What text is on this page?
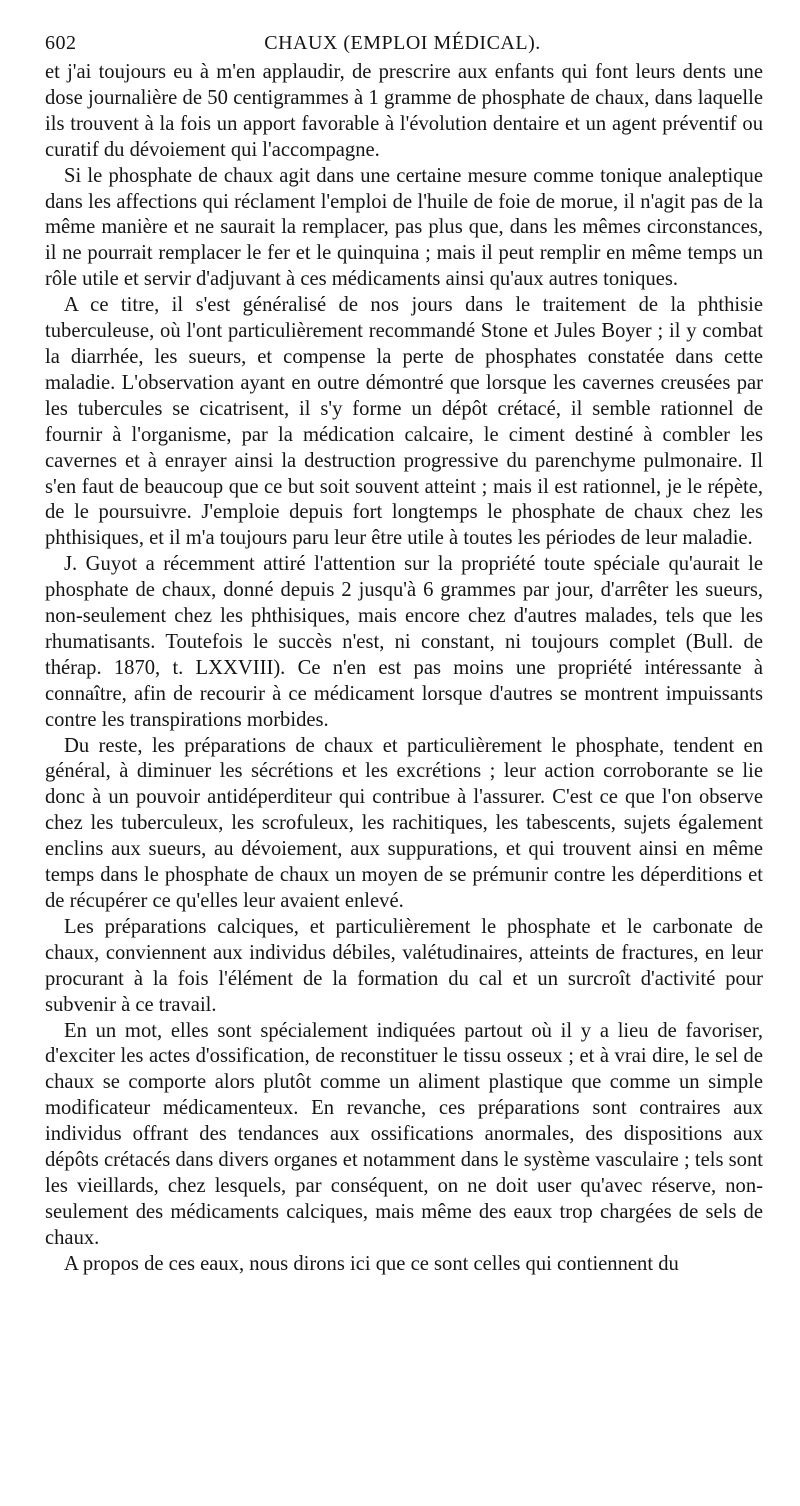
602	CHAUX (EMPLOI MÉDICAL).

et j'ai toujours eu à m'en applaudir, de prescrire aux enfants qui font leurs dents une dose journalière de 50 centigrammes à 1 gramme de phosphate de chaux, dans laquelle ils trouvent à la fois un apport favorable à l'évolution dentaire et un agent préventif ou curatif du dévoiement qui l'accompagne.

Si le phosphate de chaux agit dans une certaine mesure comme tonique analeptique dans les affections qui réclament l'emploi de l'huile de foie de morue, il n'agit pas de la même manière et ne saurait la remplacer, pas plus que, dans les mêmes circonstances, il ne pourrait remplacer le fer et le quinquina ; mais il peut remplir en même temps un rôle utile et servir d'adjuvant à ces médicaments ainsi qu'aux autres toniques.

A ce titre, il s'est généralisé de nos jours dans le traitement de la phthisie tuberculeuse, où l'ont particulièrement recommandé Stone et Jules Boyer ; il y combat la diarrhée, les sueurs, et compense la perte de phosphates constatée dans cette maladie. L'observation ayant en outre démontré que lorsque les cavernes creusées par les tubercules se cicatrisent, il s'y forme un dépôt crétacé, il semble rationnel de fournir à l'organisme, par la médication calcaire, le ciment destiné à combler les cavernes et à enrayer ainsi la destruction progressive du parenchyme pulmonaire. Il s'en faut de beaucoup que ce but soit souvent atteint ; mais il est rationnel, je le répète, de le poursuivre. J'emploie depuis fort longtemps le phosphate de chaux chez les phthisiques, et il m'a toujours paru leur être utile à toutes les périodes de leur maladie.

J. Guyot a récemment attiré l'attention sur la propriété toute spéciale qu'aurait le phosphate de chaux, donné depuis 2 jusqu'à 6 grammes par jour, d'arrêter les sueurs, non-seulement chez les phthisiques, mais encore chez d'autres malades, tels que les rhumatisants. Toutefois le succès n'est, ni constant, ni toujours complet (Bull. de thérap. 1870, t. LXXVIII). Ce n'en est pas moins une propriété intéressante à connaître, afin de recourir à ce médicament lorsque d'autres se montrent impuissants contre les transpirations morbides.

Du reste, les préparations de chaux et particulièrement le phosphate, tendent en général, à diminuer les sécrétions et les excrétions ; leur action corroborante se lie donc à un pouvoir antidéperditeur qui contribue à l'assurer. C'est ce que l'on observe chez les tuberculeux, les scrofuleux, les rachitiques, les tabescents, sujets également enclins aux sueurs, au dévoiement, aux suppurations, et qui trouvent ainsi en même temps dans le phosphate de chaux un moyen de se prémunir contre les déperditions et de récupérer ce qu'elles leur avaient enlevé.

Les préparations calciques, et particulièrement le phosphate et le carbonate de chaux, conviennent aux individus débiles, valétudinaires, atteints de fractures, en leur procurant à la fois l'élément de la formation du cal et un surcroît d'activité pour subvenir à ce travail.

En un mot, elles sont spécialement indiquées partout où il y a lieu de favoriser, d'exciter les actes d'ossification, de reconstituer le tissu osseux ; et à vrai dire, le sel de chaux se comporte alors plutôt comme un aliment plastique que comme un simple modificateur médicamenteux. En revanche, ces préparations sont contraires aux individus offrant des tendances aux ossifications anormales, des dispositions aux dépôts crétacés dans divers organes et notamment dans le système vasculaire ; tels sont les vieillards, chez lesquels, par conséquent, on ne doit user qu'avec réserve, non-seulement des médicaments calciques, mais même des eaux trop chargées de sels de chaux.

A propos de ces eaux, nous dirons ici que ce sont celles qui contiennent du
